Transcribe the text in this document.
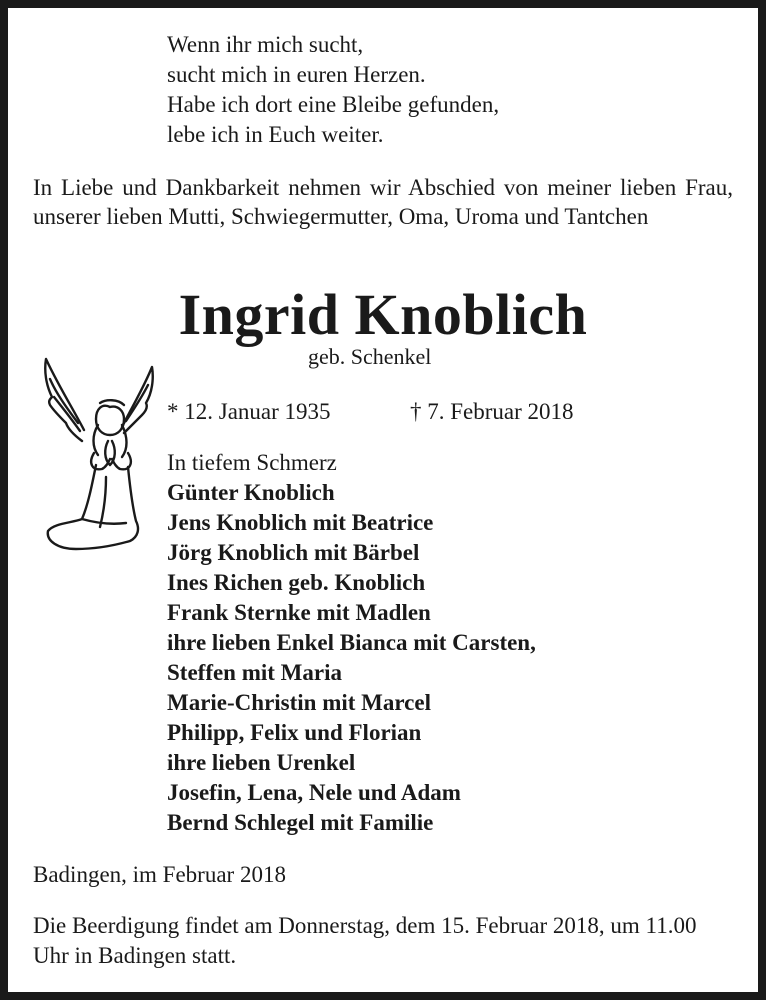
Wenn ihr mich sucht,
sucht mich in euren Herzen.
Habe ich dort eine Bleibe gefunden,
lebe ich in Euch weiter.
In Liebe und Dankbarkeit nehmen wir Abschied von meiner lieben Frau, unserer lieben Mutti, Schwiegermutter, Oma, Uroma und Tantchen
Ingrid Knoblich
geb. Schenkel
* 12. Januar 1935	† 7. Februar 2018
In tiefem Schmerz
Günter Knoblich
Jens Knoblich mit Beatrice
Jörg Knoblich mit Bärbel
Ines Richen geb. Knoblich
Frank Sternke mit Madlen
ihre lieben Enkel Bianca mit Carsten,
Steffen mit Maria
Marie-Christin mit Marcel
Philipp, Felix und Florian
ihre lieben Urenkel
Josefin, Lena, Nele und Adam
Bernd Schlegel mit Familie
Badingen, im Februar 2018
Die Beerdigung findet am Donnerstag, dem 15. Februar 2018, um 11.00 Uhr in Badingen statt.
